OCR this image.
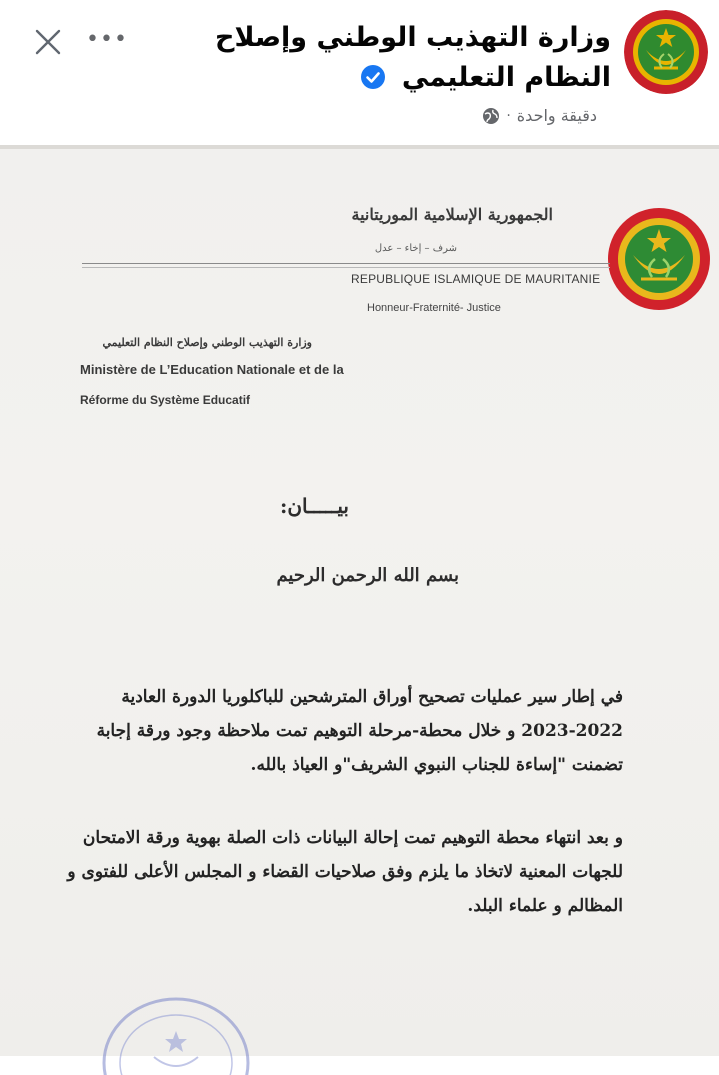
•••	وزارة التهذيب الوطني وإصلاح النظام التعليمي
دقيقة واحدة
·
الجمهورية الإسلامية الموريتانية
شرف – إخاء – عدل
REPUBLIQUE ISLAMIQUE DE MAURITANIE
Honneur-Fraternité- Justice
وزارة التهذيب الوطني وإصلاح النظام التعليمي
Ministère de L’Education Nationale et de la
Réforme du Système Educatif
بيـــــان:
بسم الله الرحمن الرحيم
في إطار سير عمليات تصحيح أوراق المترشحين للباكلوريا الدورة العادية 2022-2023 و خلال محطة-مرحلة التوهيم تمت ملاحظة وجود ورقة إجابة تضمنت "إساءة للجناب النبوي الشريف"و العياذ بالله.
و بعد انتهاء محطة التوهيم تمت إحالة البيانات ذات الصلة بهوية ورقة الامتحان للجهات المعنية لاتخاذ ما يلزم وفق صلاحيات القضاء و المجلس الأعلى للفتوى و المظالم و علماء البلد.
